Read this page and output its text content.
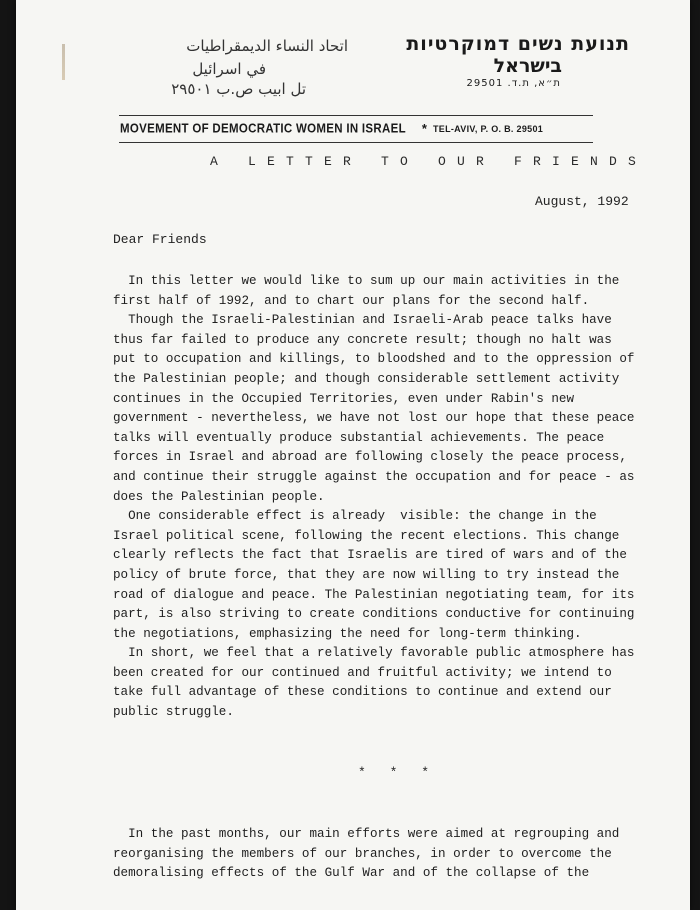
اتحاد النساء الديمقراطيات
في اسرائيل
تل ابيب ص.ب ٢٩٥٠١
תנועת נשים דמוקרטיות
בישראל
ת״א, ת.ד. 29501
MOVEMENT OF DEMOCRATIC WOMEN IN ISRAEL * TEL-AVIV, P. O. B. 29501
A LETTER TO OUR FRIENDS
August, 1992
Dear Friends
In this letter we would like to sum up our main activities in the
first half of 1992, and to chart our plans for the second half.
Though the Israeli-Palestinian and Israeli-Arab peace talks have
thus far failed to produce any concrete result; though no halt was
put to occupation and killings, to bloodshed and to the oppression of
the Palestinian people; and though considerable settlement activity
continues in the Occupied Territories, even under Rabin's new
government - nevertheless, we have not lost our hope that these peace
talks will eventually produce substantial achievements. The peace
forces in Israel and abroad are following closely the peace process,
and continue their struggle against the occupation and for peace - as
does the Palestinian people.
One considerable effect is already  visible: the change in the
Israel political scene, following the recent elections. This change
clearly reflects the fact that Israelis are tired of wars and of the
policy of brute force, that they are now willing to try instead the
road of dialogue and peace. The Palestinian negotiating team, for its
part, is also striving to create conditions conductive for continuing
the negotiations, emphasizing the need for long-term thinking.
In short, we feel that a relatively favorable public atmosphere has
been created for our continued and fruitful activity; we intend to
take full advantage of these conditions to continue and extend our
public struggle.
* * *
In the past months, our main efforts were aimed at regrouping and
reorganising the members of our branches, in order to overcome the
demoralising effects of the Gulf War and of the collapse of the
